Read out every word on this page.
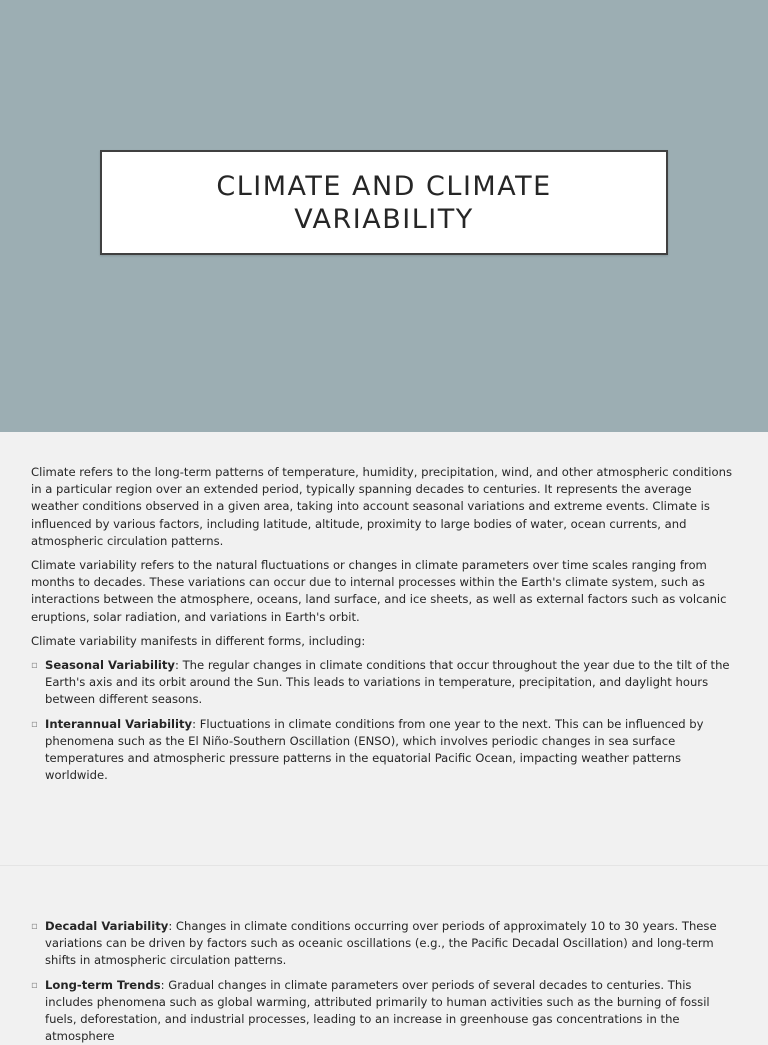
CLIMATE AND CLIMATE
VARIABILITY

Climate refers to the long-term patterns of temperature, humidity, precipitation, wind, and other atmospheric conditions in a particular region over an extended period, typically spanning decades to centuries. It represents the average weather conditions observed in a given area, taking into account seasonal variations and extreme events. Climate is influenced by various factors, including latitude, altitude, proximity to large bodies of water, ocean currents, and atmospheric circulation patterns.

Climate variability refers to the natural fluctuations or changes in climate parameters over time scales ranging from months to decades. These variations can occur due to internal processes within the Earth's climate system, such as interactions between the atmosphere, oceans, land surface, and ice sheets, as well as external factors such as volcanic eruptions, solar radiation, and variations in Earth's orbit.

Climate variability manifests in different forms, including:

▫ Seasonal Variability: The regular changes in climate conditions that occur throughout the year due to the tilt of the Earth's axis and its orbit around the Sun. This leads to variations in temperature, precipitation, and daylight hours between different seasons.
▫ Interannual Variability: Fluctuations in climate conditions from one year to the next. This can be influenced by phenomena such as the El Niño-Southern Oscillation (ENSO), which involves periodic changes in sea surface temperatures and atmospheric pressure patterns in the equatorial Pacific Ocean, impacting weather patterns worldwide.
▫ Decadal Variability: Changes in climate conditions occurring over periods of approximately 10 to 30 years. These variations can be driven by factors such as oceanic oscillations (e.g., the Pacific Decadal Oscillation) and long-term shifts in atmospheric circulation patterns.
▫ Long-term Trends: Gradual changes in climate parameters over periods of several decades to centuries. This includes phenomena such as global warming, attributed primarily to human activities such as the burning of fossil fuels, deforestation, and industrial processes, leading to an increase in greenhouse gas concentrations in the atmosphere
